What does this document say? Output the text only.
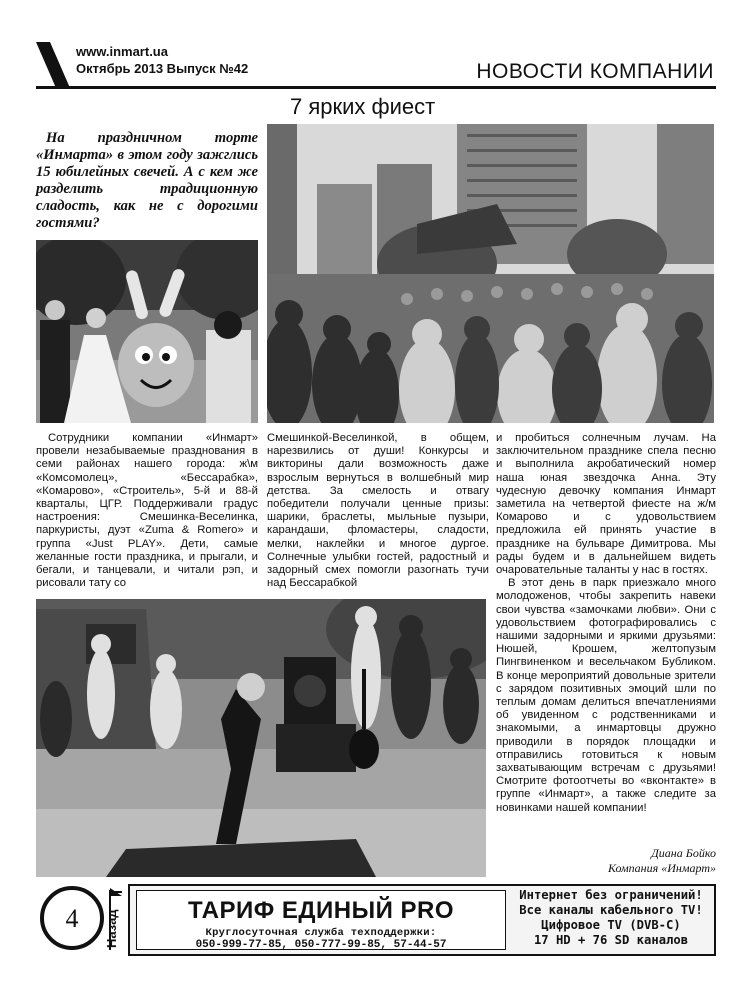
www.inmart.ua
Октябрь 2013 Выпуск №42	НОВОСТИ КОМПАНИИ
7 ярких фиест
На праздничном торте «Инмарта» в этом году зажглись 15 юбилейных свечей. А с кем же разделить традиционную сладость, как не с дорогими гостями?

Сотрудники компании «Инмарт» провели незабываемые празднования в семи районах нашего города: ж\м «Комсомолец», «Бессарабка», «Комарово», «Строитель», 5-й и 88-й кварталы, ЦГР. Поддерживали градус настроения: Смешинка-Веселинка, паркуристы, дуэт «Zuma & Romero» и группа «Just PLAY». Дети, самые желанные гости праздника, и прыгали, и бегали, и танцевали, и читали рэп, и рисовали тату со

Смешинкой-Веселинкой, в общем, нарезвились от души! Конкурсы и викторины дали возможность даже взрослым вернуться в волшебный мир детства. За смелость и отвагу победители получали ценные призы: шарики, браслеты, мыльные пузыри, карандаши, фломастеры, сладости, мелки, наклейки и многое дургое. Солнечные улыбки гостей, радостный и задорный смех помогли разогнать тучи над Бессарабкой

и пробиться солнечным лучам. На заключительном празднике спела песню и выполнила акробатический номер наша юная звездочка Анна. Эту чудесную девочку компания Инмарт заметила на четвертой фиесте на ж/м Комарово и с удовольствием предложила ей принять участие в празднике на бульваре Димитрова. Мы рады будем и в дальнейшем видеть очаровательные таланты у нас в гостях.

В этот день в парк приезжало много молодоженов, чтобы закрепить навеки свои чувства «замочками любви». Они с удовольствием фотографировались с нашими задорными и яркими друзьями: Нюшей, Крошем, желтопузым Пингвиненком и весельчаком Бубликом. В конце мероприятий довольные зрители с зарядом позитивных эмоций шли по теплым домам делиться впечатлениями об увиденном с родственниками и знакомыми, а инмартовцы дружно приводили в порядок площадки и отправились готовиться к новым захватывающим встречам с друзьями! Смотрите фотоотчеты во «вконтакте» в группе «Инмарт», а также следите за новинками нашей компании!

Диана Бойко
Компания «Инмарт»
4	Назад	ТАРИФ ЕДИНЫЙ PRO
Круглосуточная служба техподдержки:
050-999-77-85, 050-777-99-85, 57-44-57
Интернет без ограничений!
Все каналы кабельного TV!
Цифровое TV (DVB-C)
17 HD + 76 SD каналов
